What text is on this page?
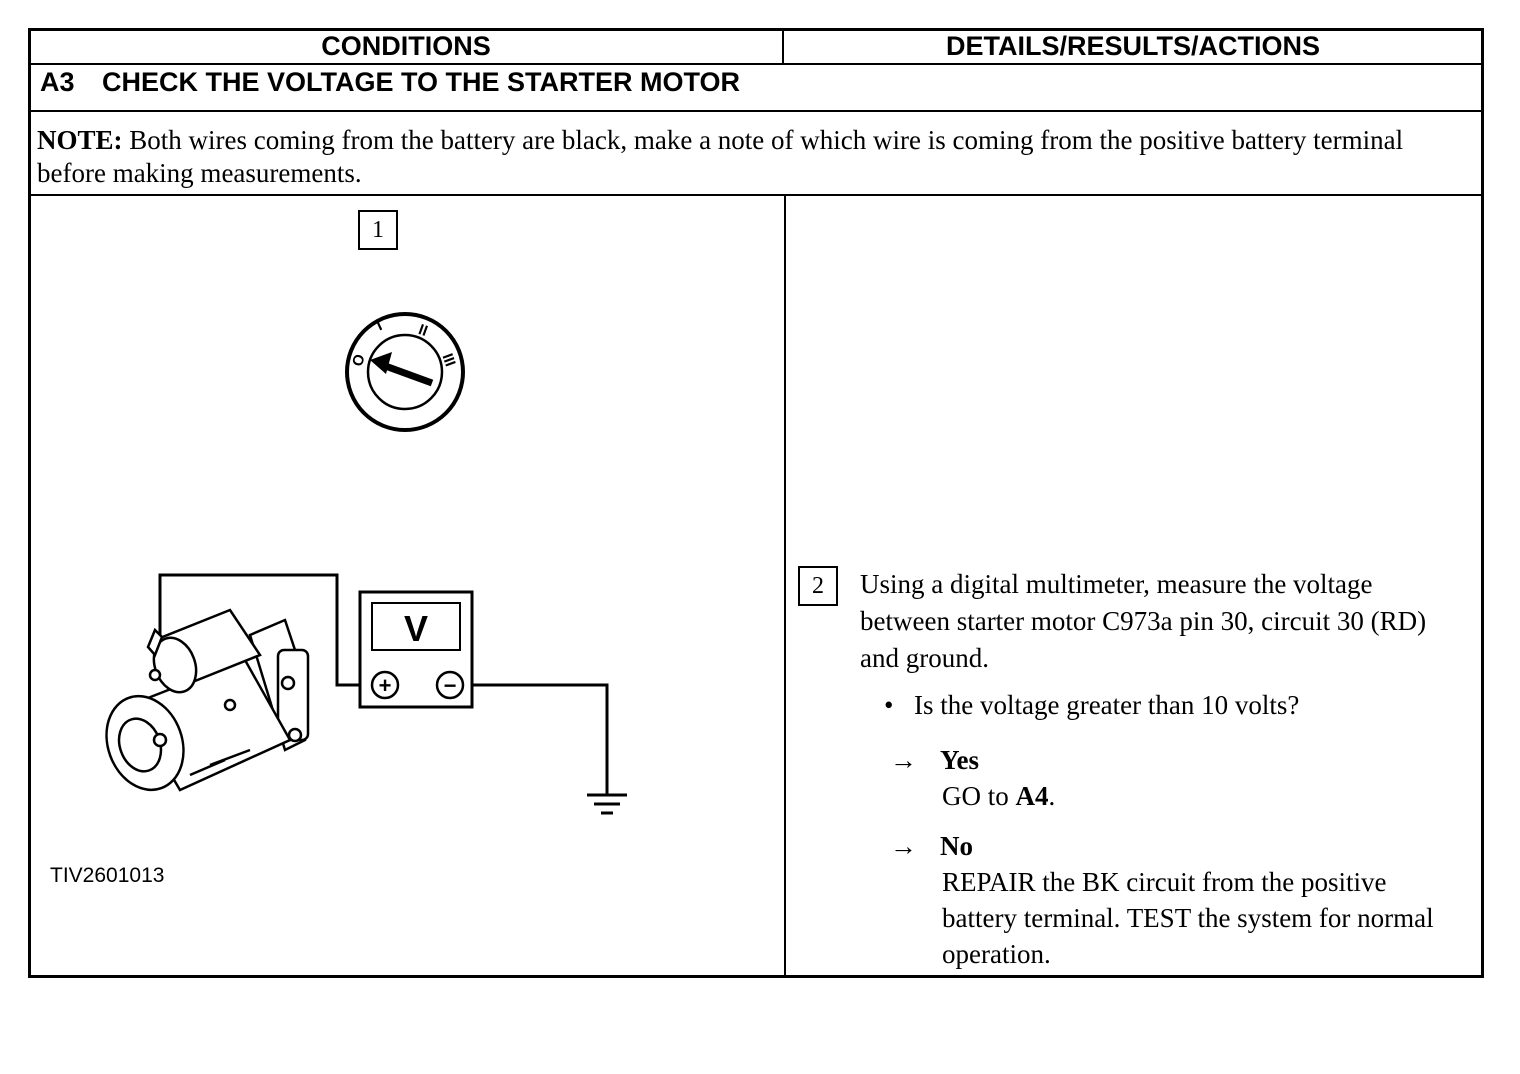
CONDITIONS	DETAILS/RESULTS/ACTIONS
A3 CHECK THE VOLTAGE TO THE STARTER MOTOR
NOTE: Both wires coming from the battery are black, make a note of which wire is coming from the positive battery terminal before making measurements.
1
O
I II
III
V
+ −
TIV2601013
2	Using a digital multimeter, measure the voltage between starter motor C973a pin 30, circuit 30 (RD) and ground.
• Is the voltage greater than 10 volts?
→ Yes
GO to A4.
→ No
REPAIR the BK circuit from the positive battery terminal. TEST the system for normal operation.
